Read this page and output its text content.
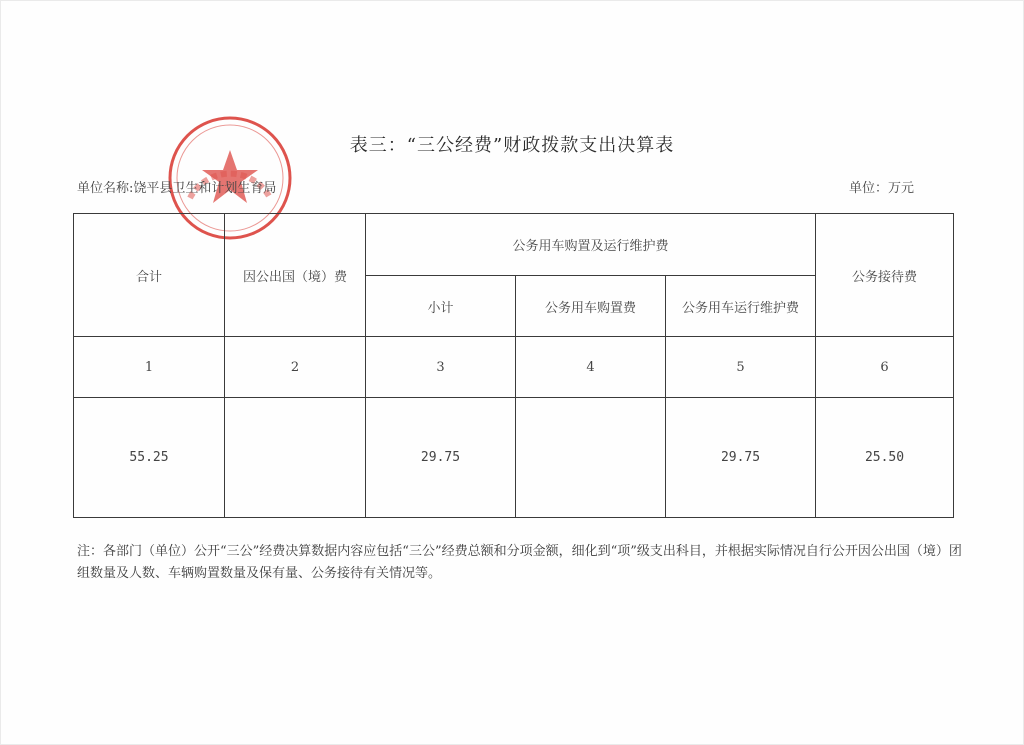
表三：“三公经费”财政拨款支出决算表
单位名称:饶平县卫生和计划生育局	单位：万元
合计	因公出国（境）费	公务用车购置及运行维护费			公务接待费
		小计	公务用车购置费	公务用车运行维护费	
1	2	3	4	5	6
55.25		29.75		29.75	25.50
注：各部门（单位）公开“三公”经费决算数据内容应包括“三公”经费总额和分项金额，细化到“项”级支出科目，并根据实际情况自行公开因公出国（境）团组数量及人数、车辆购置数量及保有量、公务接待有关情况等。
